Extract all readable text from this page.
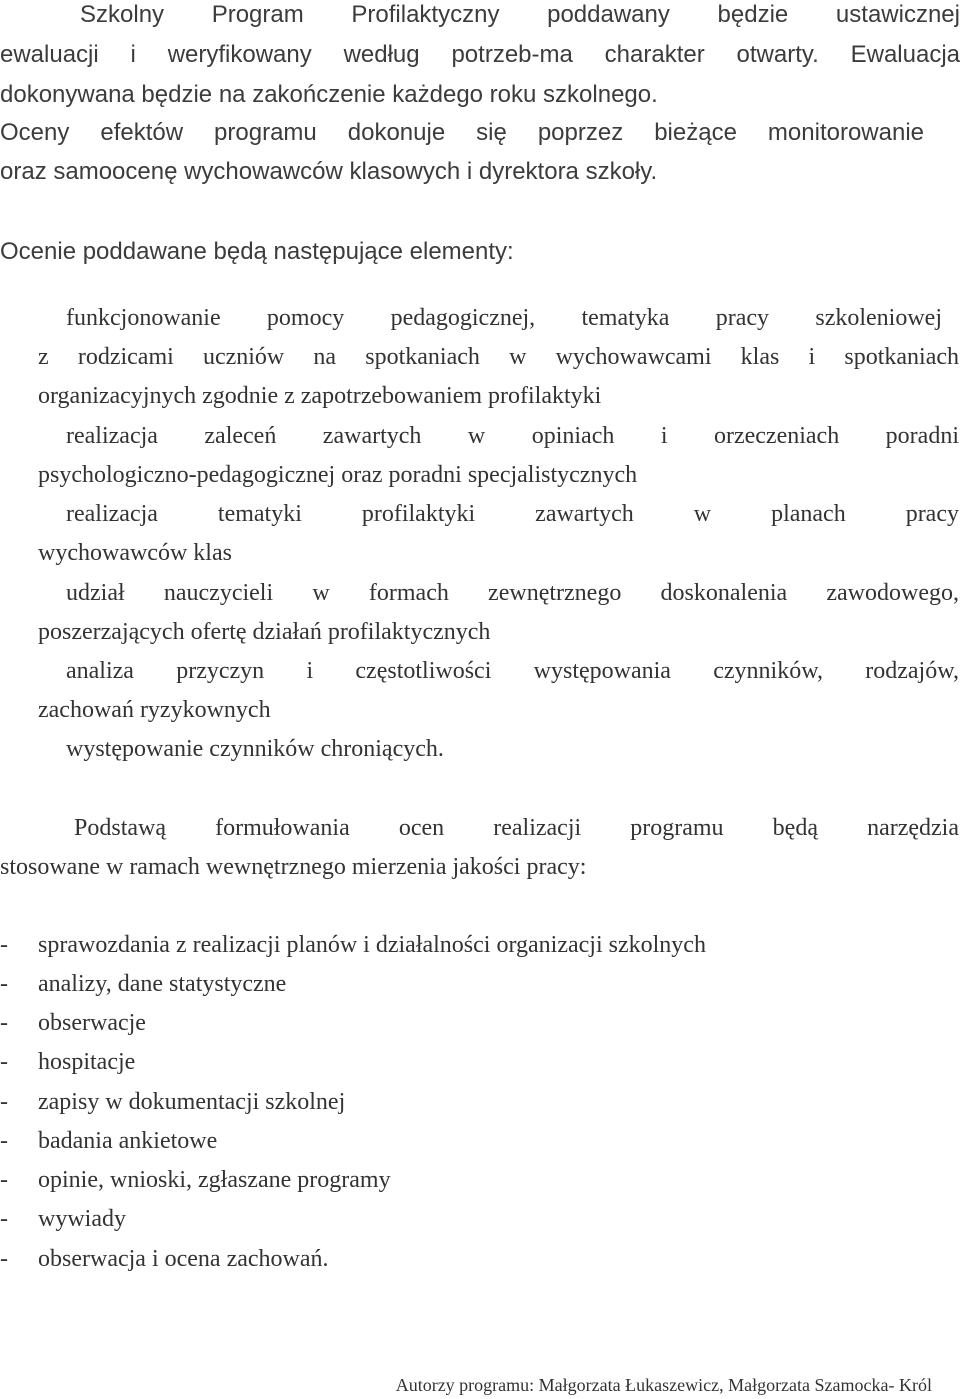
Szkolny Program Profilaktyczny poddawany będzie ustawicznej
ewaluacji i weryfikowany według potrzeb-ma charakter otwarty. Ewaluacja
dokonywana będzie na zakończenie każdego roku szkolnego.
Oceny efektów programu dokonuje się poprzez bieżące monitorowanie
oraz samoocenę wychowawców klasowych i dyrektora szkoły.
Ocenie poddawane będą następujące elementy:
funkcjonowanie pomocy pedagogicznej, tematyka pracy szkoleniowej
z rodzicami uczniów na spotkaniach w wychowawcami klas i spotkaniach
organizacyjnych zgodnie z zapotrzebowaniem profilaktyki
realizacja zaleceń zawartych w opiniach i orzeczeniach poradni
psychologiczno-pedagogicznej oraz poradni specjalistycznych
realizacja tematyki profilaktyki zawartych w planach pracy
wychowawców klas
udział nauczycieli w formach zewnętrznego doskonalenia zawodowego,
poszerzających ofertę działań profilaktycznych
analiza przyczyn i częstotliwości występowania czynników, rodzajów,
zachowań ryzykownych
występowanie czynników chroniących.
Podstawą formułowania ocen realizacji programu będą narzędzia
stosowane w ramach wewnętrznego mierzenia jakości pracy:
- sprawozdania z realizacji planów i działalności organizacji szkolnych
- analizy, dane statystyczne
- obserwacje
- hospitacje
- zapisy w dokumentacji szkolnej
- badania ankietowe
- opinie, wnioski, zgłaszane programy
- wywiady
- obserwacja i ocena zachowań.
Autorzy programu: Małgorzata Łukaszewicz, Małgorzata Szamocka- Król
